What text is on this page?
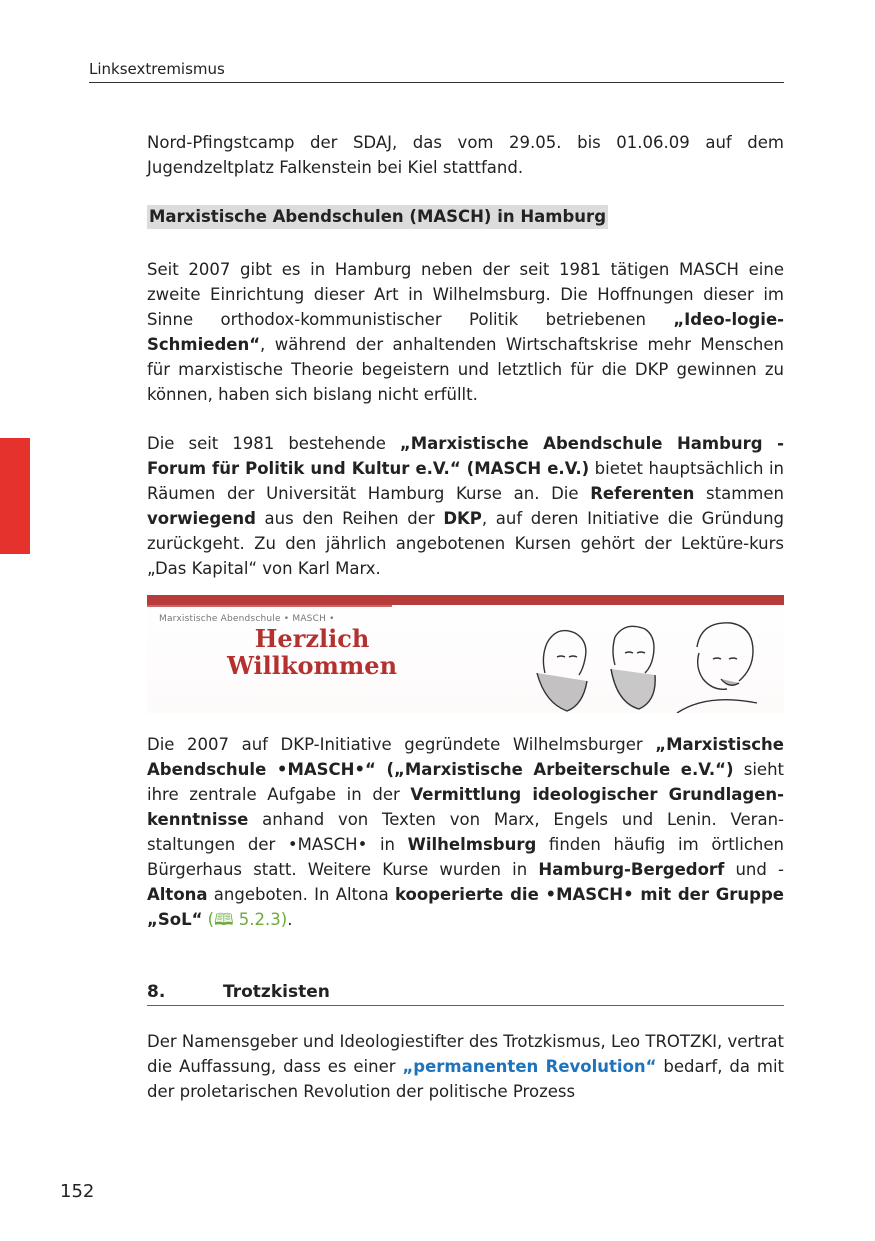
Linksextremismus

Nord-Pfingstcamp der SDAJ, das vom 29.05. bis 01.06.09 auf dem Jugendzeltplatz Falkenstein bei Kiel stattfand.

Marxistische Abendschulen (MASCH) in Hamburg

Seit 2007 gibt es in Hamburg neben der seit 1981 tätigen MASCH eine zweite Einrichtung dieser Art in Wilhelmsburg. Die Hoffnungen dieser im Sinne orthodox-kommunistischer Politik betriebenen „Ideo-logie-Schmieden“, während der anhaltenden Wirtschaftskrise mehr Menschen für marxistische Theorie begeistern und letztlich für die DKP gewinnen zu können, haben sich bislang nicht erfüllt.

Die seit 1981 bestehende „Marxistische Abendschule Hamburg - Forum für Politik und Kultur e.V.“ (MASCH e.V.) bietet hauptsächlich in Räumen der Universität Hamburg Kurse an. Die Referenten stammen vorwiegend aus den Reihen der DKP, auf deren Initiative die Gründung zurückgeht. Zu den jährlich angebotenen Kursen gehört der Lektüre-kurs „Das Kapital“ von Karl Marx.

Marxistische Abendschule • MASCH •
Herzlich
Willkommen

Die 2007 auf DKP-Initiative gegründete Wilhelmsburger „Marxistische Abendschule •MASCH•“ („Marxistische Arbeiterschule e.V.“) sieht ihre zentrale Aufgabe in der Vermittlung ideologischer Grundlagen-kenntnisse anhand von Texten von Marx, Engels und Lenin. Veran-staltungen der •MASCH• in Wilhelmsburg finden häufig im örtlichen Bürgerhaus statt. Weitere Kurse wurden in Hamburg-Bergedorf und -Altona angeboten. In Altona kooperierte die •MASCH• mit der Gruppe „SoL“ (🕮 5.2.3).

8.	Trotzkisten

Der Namensgeber und Ideologiestifter des Trotzkismus, Leo TROTZKI, vertrat die Auffassung, dass es einer „permanenten Revolution“ bedarf, da mit der proletarischen Revolution der politische Prozess

152
